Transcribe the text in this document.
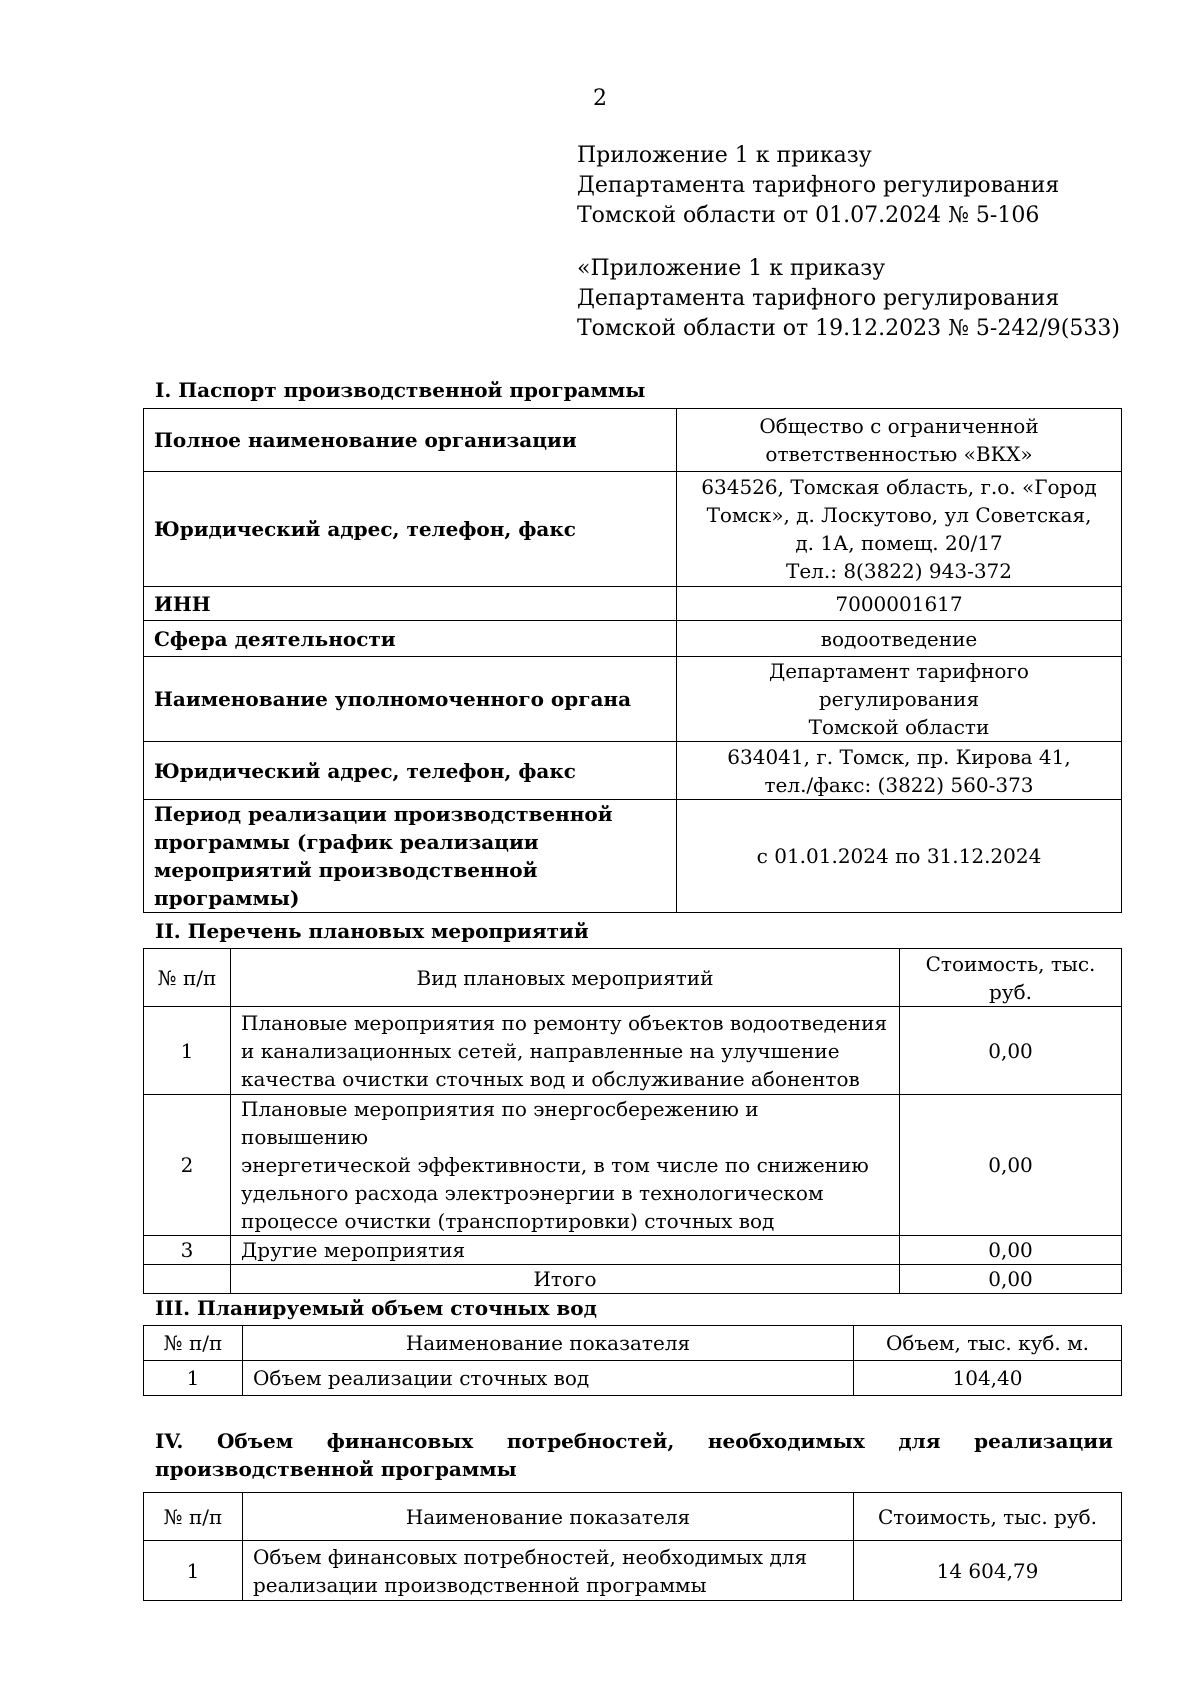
2
Приложение 1 к приказу
Департамента тарифного регулирования
Томской области от 01.07.2024 № 5-106
«Приложение 1 к приказу
Департамента тарифного регулирования
Томской области от 19.12.2023 № 5-242/9(533)
I. Паспорт производственной программы
Полное наименование организации	Общество с ограниченной
ответственностью «ВКХ»

Юридический адрес, телефон, факс	634526, Томская область, г.о. «Город
Томск», д. Лоскутово, ул Советская,
д. 1А, помещ. 20/17
Тел.: 8(3822) 943-372

ИНН	7000001617

Сфера деятельности	водоотведение

Наименование уполномоченного органа	Департамент тарифного регулирования
Томской области

Юридический адрес, телефон, факс	634041, г. Томск, пр. Кирова 41,
тел./факс: (3822) 560-373

Период реализации производственной
программы (график реализации
мероприятий производственной программы)	с 01.01.2024 по 31.12.2024
II. Перечень плановых мероприятий
№ п/п	Вид плановых мероприятий	Стоимость, тыс.
руб.

1	Плановые мероприятия по ремонту объектов водоотведения
и канализационных сетей, направленные на улучшение
качества очистки сточных вод и обслуживание абонентов	0,00
2	Плановые мероприятия по энергосбережению и повышению
энергетической эффективности, в том числе по снижению
удельного расхода электроэнергии в технологическом
процессе очистки (транспортировки) сточных вод	0,00
3	Другие мероприятия	0,00
	Итого	0,00
III. Планируемый объем сточных вод
№ п/п	Наименование показателя	Объем, тыс. куб. м.
1	Объем реализации сточных вод	104,40
IV. Объем финансовых потребностей, необходимых для реализации
производственной программы
№ п/п	Наименование показателя	Стоимость, тыс. руб.
1	Объем финансовых потребностей, необходимых для
реализации производственной программы	14 604,79
